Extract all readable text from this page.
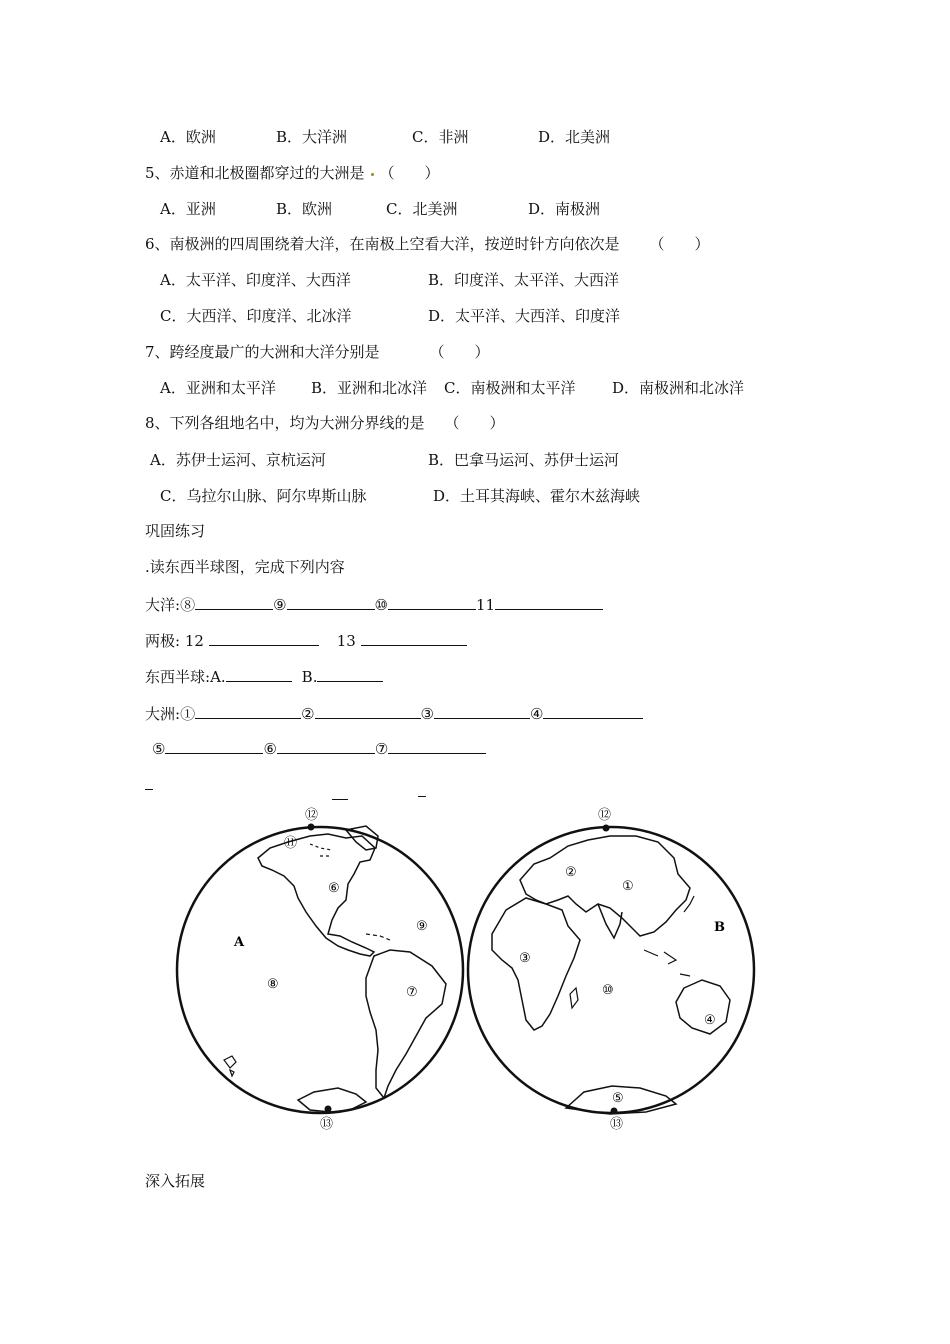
A．欧洲	B．大洋洲	C．非洲	D．北美洲
5、赤道和北极圈都穿过的大洲是 （　　）
A．亚洲	B．欧洲	C．北美洲	D．南极洲
6、南极洲的四周围绕着大洋，在南极上空看大洋，按逆时针方向依次是 （　　）
A．太平洋、印度洋、大西洋	B．印度洋、太平洋、大西洋
C．大西洋、印度洋、北冰洋	D．太平洋、大西洋、印度洋
7、跨经度最广的大洲和大洋分别是	（　　）
A．亚洲和太平洋 B．亚洲和北冰洋 C．南极洲和太平洋 D．南极洲和北冰洋
8、下列各组地名中，均为大洲分界线的是 （　　）
A．苏伊士运河、京杭运河	B．巴拿马运河、苏伊士运河
C．乌拉尔山脉、阿尔卑斯山脉	D．土耳其海峡、霍尔木兹海峡
巩固练习
.读东西半球图，完成下列内容
大洋:⑧	⑨	⑩	11
两极: 12	13
东西半球:A.	B.
大洲:①	②	③	④
⑤	⑥	⑦
⑫
⑪
⑥
⑨
A
⑧
⑦
⑬
⑫
②
①
B
③
⑩
④
⑤
⑬
深入拓展
